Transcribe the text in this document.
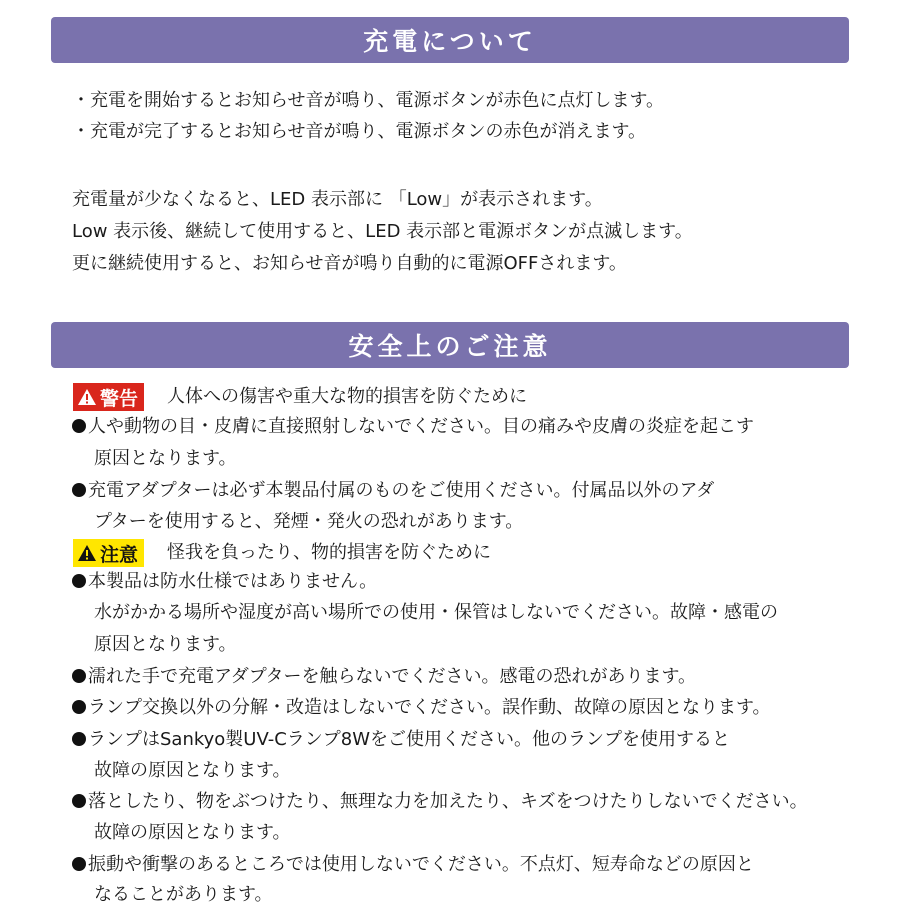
充電について
・充電を開始するとお知らせ音が鳴り、電源ボタンが赤色に点灯します。
・充電が完了するとお知らせ音が鳴り、電源ボタンの赤色が消えます。
充電量が少なくなると、LED 表示部に 「Low」が表示されます。
Low 表示後、継続して使用すると、LED 表示部と電源ボタンが点滅します。
更に継続使用すると、お知らせ音が鳴り自動的に電源OFFされます。
安全上のご注意
警告 人体への傷害や重大な物的損害を防ぐために
人や動物の目・皮膚に直接照射しないでください。目の痛みや皮膚の炎症を起こす
原因となります。
充電アダプターは必ず本製品付属のものをご使用ください。付属品以外のアダ
プターを使用すると、発煙・発火の恐れがあります。
注意 怪我を負ったり、物的損害を防ぐために
本製品は防水仕様ではありません。
水がかかる場所や湿度が高い場所での使用・保管はしないでください。故障・感電の
原因となります。
濡れた手で充電アダプターを触らないでください。感電の恐れがあります。
ランプ交換以外の分解・改造はしないでください。誤作動、故障の原因となります。
ランプはSankyo製UV-Cランプ8Wをご使用ください。他のランプを使用すると
故障の原因となります。
落としたり、物をぶつけたり、無理な力を加えたり、キズをつけたりしないでください。
故障の原因となります。
振動や衝撃のあるところでは使用しないでください。不点灯、短寿命などの原因と
なることがあります。
